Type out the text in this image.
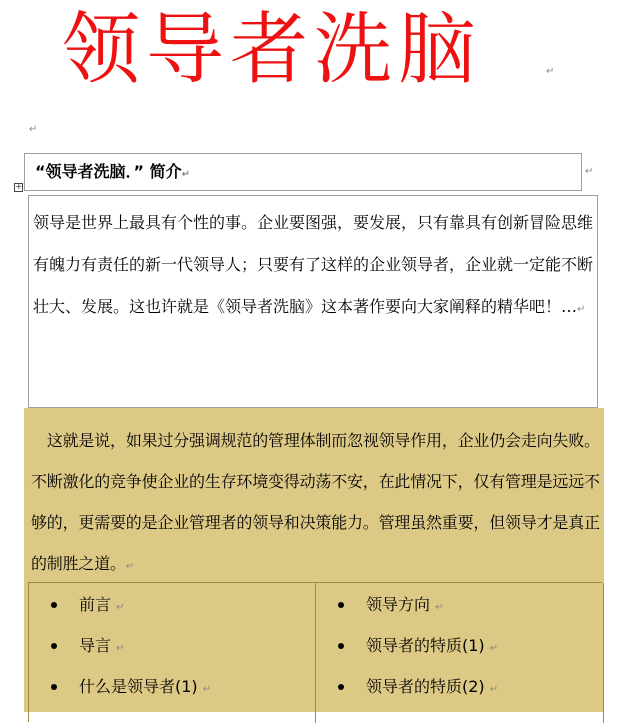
领导者洗脑	↵
↵
+
“领导者洗脑．” 简介↵	↵
领导是世界上最具有个性的事。企业要图强，要发展，只有靠具有创新冒险思维有魄力有责任的新一代领导人；只要有了这样的企业领导者，企业就一定能不断壮大、发展。这也许就是《领导者洗脑》这本著作要向大家阐释的精华吧！…↵
 这就是说，如果过分强调规范的管理体制而忽视领导作用，企业仍会走向失败。不断激化的竞争使企业的生存环境变得动荡不安，在此情况下，仅有管理是远远不够的，更需要的是企业管理者的领导和决策能力。管理虽然重要，但领导才是真正的制胜之道。↵
前言 ↵
导言 ↵
什么是领导者(1) ↵
领导方向 ↵
领导者的特质(1) ↵
领导者的特质(2) ↵
